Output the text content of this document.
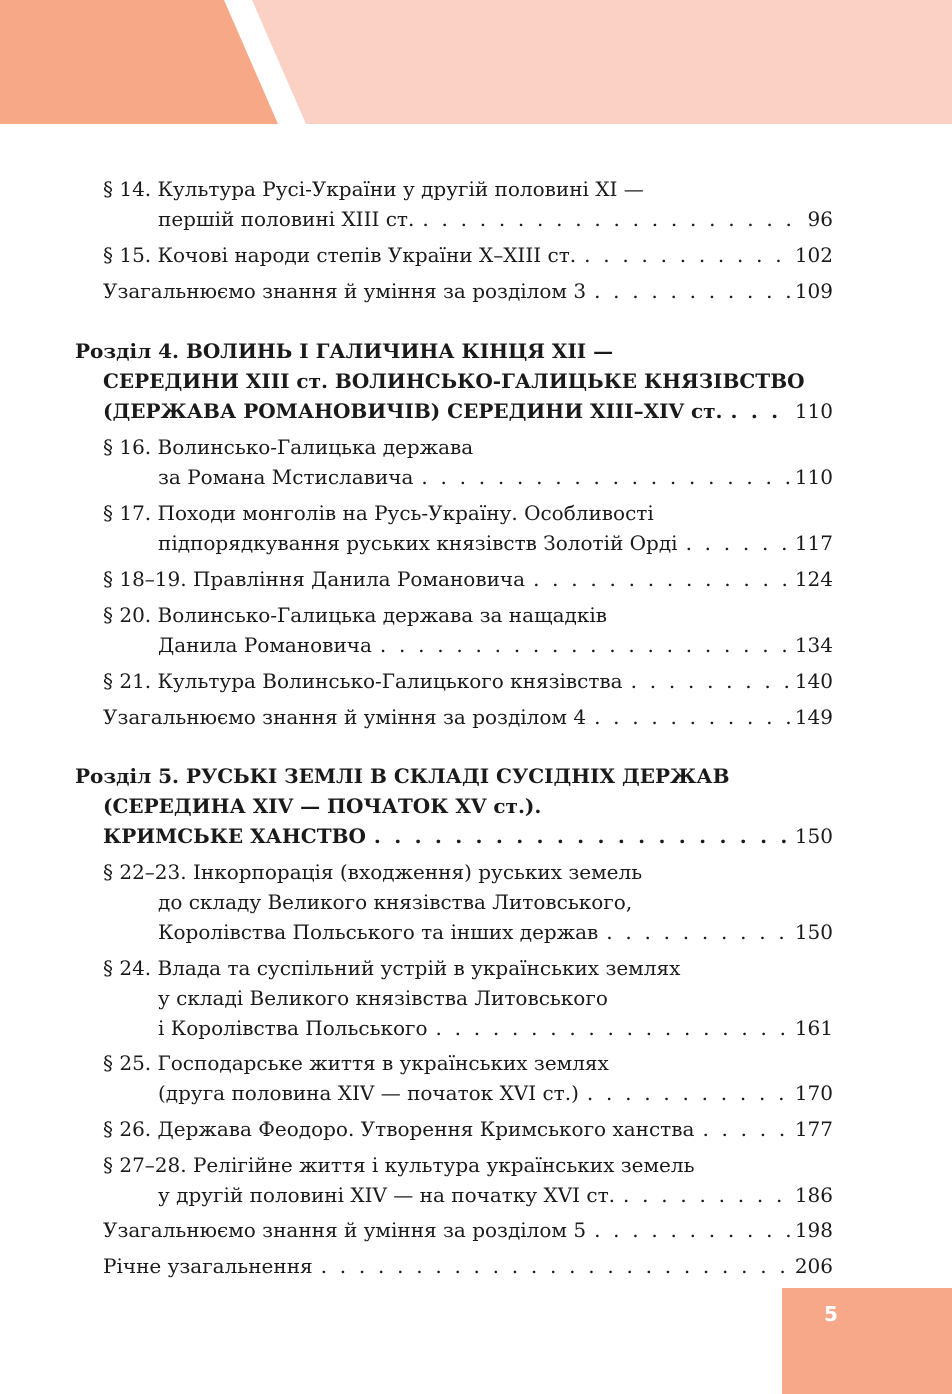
§ 14. Культура Русі-України у другій половині XI —
першій половині XIII ст. . . .	96
§ 15. Кочові народи степів України X–XIII ст. . . .	102
Узагальнюємо знання й уміння за розділом 3 . . .	109
Розділ 4. ВОЛИНЬ І ГАЛИЧИНА КІНЦЯ XII —
СЕРЕДИНИ XIII ст. ВОЛИНСЬКО-ГАЛИЦЬКЕ КНЯЗІВСТВО
(ДЕРЖАВА РОМАНОВИЧІВ) СЕРЕДИНИ XIII–XIV ст. . . .	110
§ 16. Волинсько-Галицька держава
за Романа Мстиславича . . .	110
§ 17. Походи монголів на Русь-Україну. Особливості
підпорядкування руських князівств Золотій Орді . . .	117
§ 18–19. Правління Данила Романовича . . .	124
§ 20. Волинсько-Галицька держава за нащадків
Данила Романовича . . .	134
§ 21. Культура Волинсько-Галицького князівства . . .	140
Узагальнюємо знання й уміння за розділом 4 . . .	149
Розділ 5. РУСЬКІ ЗЕМЛІ В СКЛАДІ СУСІДНІХ ДЕРЖАВ
(СЕРЕДИНА XIV — ПОЧАТОК XV ст.).
КРИМСЬКЕ ХАНСТВО . . .	150
§ 22–23. Інкорпорація (входження) руських земель
до складу Великого князівства Литовського,
Королівства Польського та інших держав . . .	150
§ 24. Влада та суспільний устрій в українських землях
у складі Великого князівства Литовського
і Королівства Польського . . .	161
§ 25. Господарське життя в українських землях
(друга половина XIV — початок XVI ст.) . . .	170
§ 26. Держава Феодоро. Утворення Кримського ханства . . .	177
§ 27–28. Релігійне життя і культура українських земель
у другій половині XIV — на початку XVI ст. . . .	186
Узагальнюємо знання й уміння за розділом 5 . . .	198
Річне узагальнення . . .	206
5
